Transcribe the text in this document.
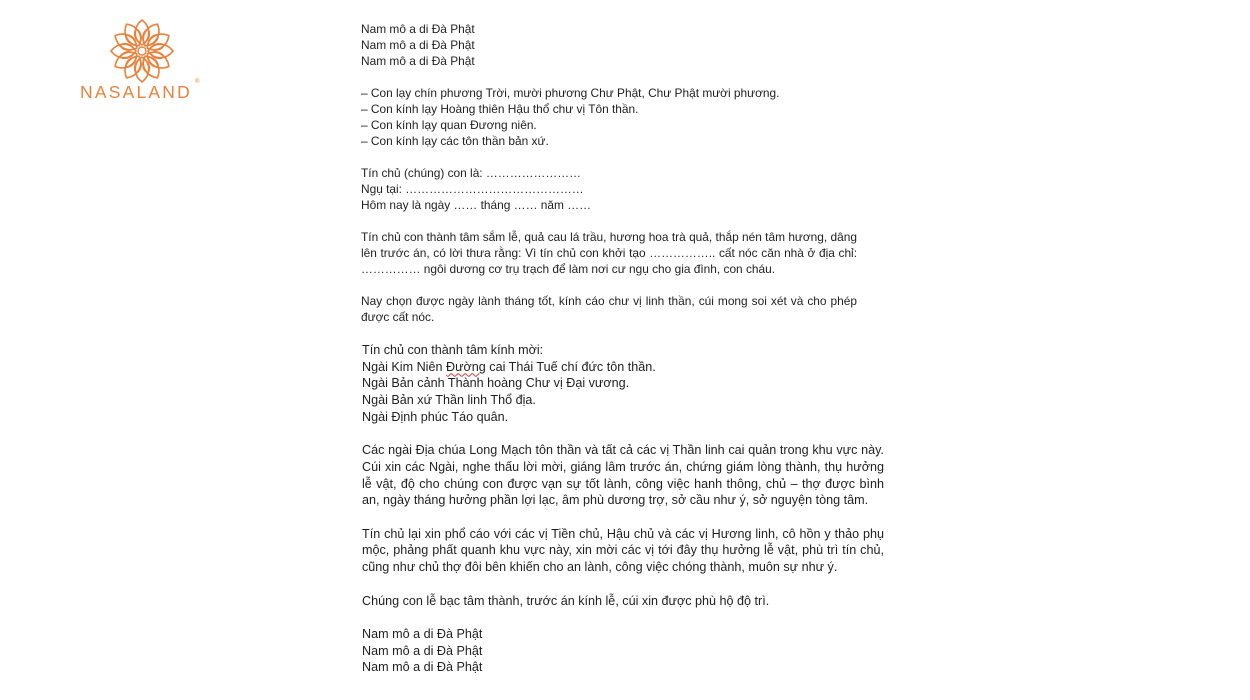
NASALAND ®

Nam mô a di Đà Phật

Nam mô a di Đà Phật

Nam mô a di Đà Phật

– Con lạy chín phương Trời, mười phương Chư Phật, Chư Phật mười phương.

– Con kính lạy Hoàng thiên Hậu thổ chư vị Tôn thần.

– Con kính lạy quan Đương niên.

– Con kính lạy các tôn thần bản xứ.

Tín chủ (chúng) con là: ……………………

Ngụ tại: ………………………………………

Hôm nay là ngày …… tháng …… năm ……

Tín chủ con thành tâm sắm lễ, quả cau lá trầu, hương hoa trà quả, thắp nén tâm hương, dâng lên trước án, có lời thưa rằng: Vì tín chủ con khởi tạo …………….. cất nóc căn nhà ở địa chỉ: …………… ngôi dương cơ trụ trạch để làm nơi cư ngụ cho gia đình, con cháu.

Nay chọn được ngày lành tháng tốt, kính cáo chư vị linh thần, cúi mong soi xét và cho phép được cất nóc.

Tín chủ con thành tâm kính mời:

Ngài Kim Niên Đường cai Thái Tuế chí đức tôn thần.

Ngài Bản cảnh Thành hoàng Chư vị Đại vương.

Ngài Bản xứ Thần linh Thổ địa.

Ngài Định phúc Táo quân.

Các ngài Địa chúa Long Mạch tôn thần và tất cả các vị Thần linh cai quản trong khu vực này. Cúi xin các Ngài, nghe thấu lời mời, giáng lâm trước án, chứng giám lòng thành, thụ hưởng lễ vật, độ cho chúng con được vạn sự tốt lành, công việc hanh thông, chủ – thợ được bình an, ngày tháng hưởng phần lợi lạc, âm phù dương trợ, sở cầu như ý, sở nguyện tòng tâm.

Tín chủ lại xin phổ cáo với các vị Tiền chủ, Hậu chủ và các vị Hương linh, cô hồn y thảo phụ mộc, phảng phất quanh khu vực này, xin mời các vị tới đây thụ hưởng lễ vật, phù trì tín chủ, cũng như chủ thợ đôi bên khiến cho an lành, công việc chóng thành, muôn sự như ý.

Chúng con lễ bạc tâm thành, trước án kính lễ, cúi xin được phù hộ độ trì.

Nam mô a di Đà Phật

Nam mô a di Đà Phật

Nam mô a di Đà Phật
